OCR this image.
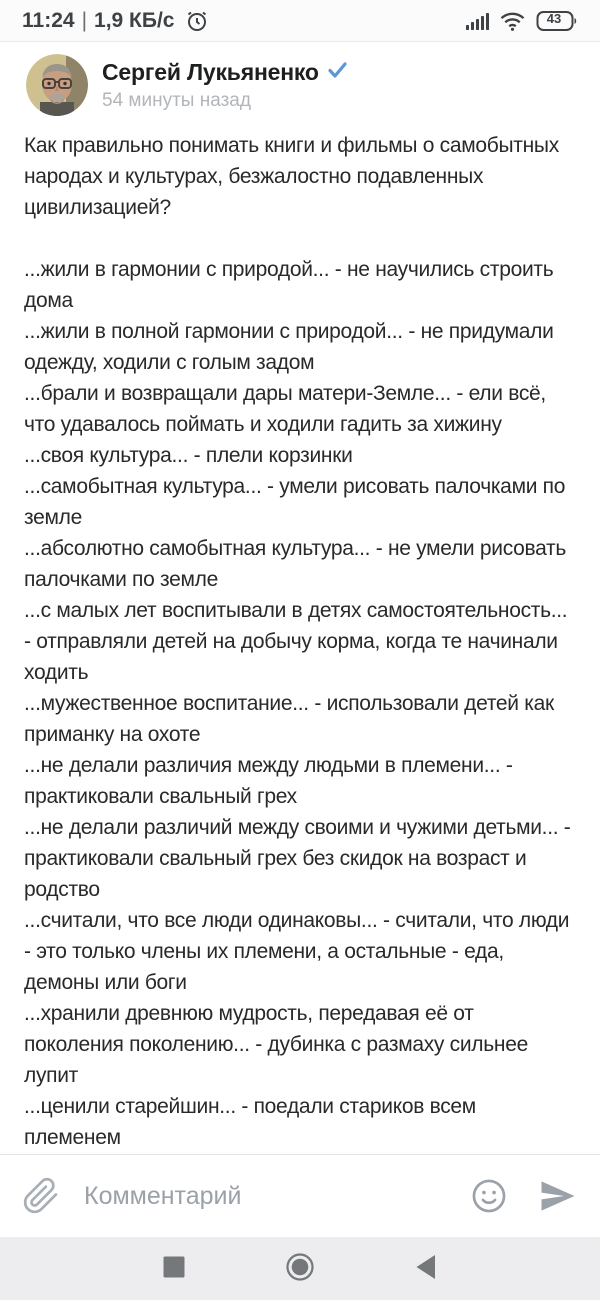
11:24 | 1,9 КБ/с	43
Сергей Лукьяненко
54 минуты назад

Как правильно понимать книги и фильмы о самобытных народах и культурах, безжалостно подавленных цивилизацией?

...жили в гармонии с природой... - не научились строить дома

...жили в полной гармонии с природой... - не придумали одежду, ходили с голым задом

...брали и возвращали дары матери-Земле... - ели всё, что удавалось поймать и ходили гадить за хижину

...своя культура... - плели корзинки

...самобытная культура... - умели рисовать палочками по земле

...абсолютно самобытная культура... - не умели рисовать палочками по земле

...с малых лет воспитывали в детях самостоятельность... - отправляли детей на добычу корма, когда те начинали ходить

...мужественное воспитание... - использовали детей как приманку на охоте

...не делали различия между людьми в племени... - практиковали свальный грех

...не делали различий между своими и чужими детьми... - практиковали свальный грех без скидок на возраст и родство

...считали, что все люди одинаковы... - считали, что люди - это только члены их племени, а остальные - еда, демоны или боги

...хранили древнюю мудрость, передавая её от поколения поколению... - дубинка с размаху сильнее лупит

...ценили старейшин... - поедали стариков всем племенем

Комментарий
